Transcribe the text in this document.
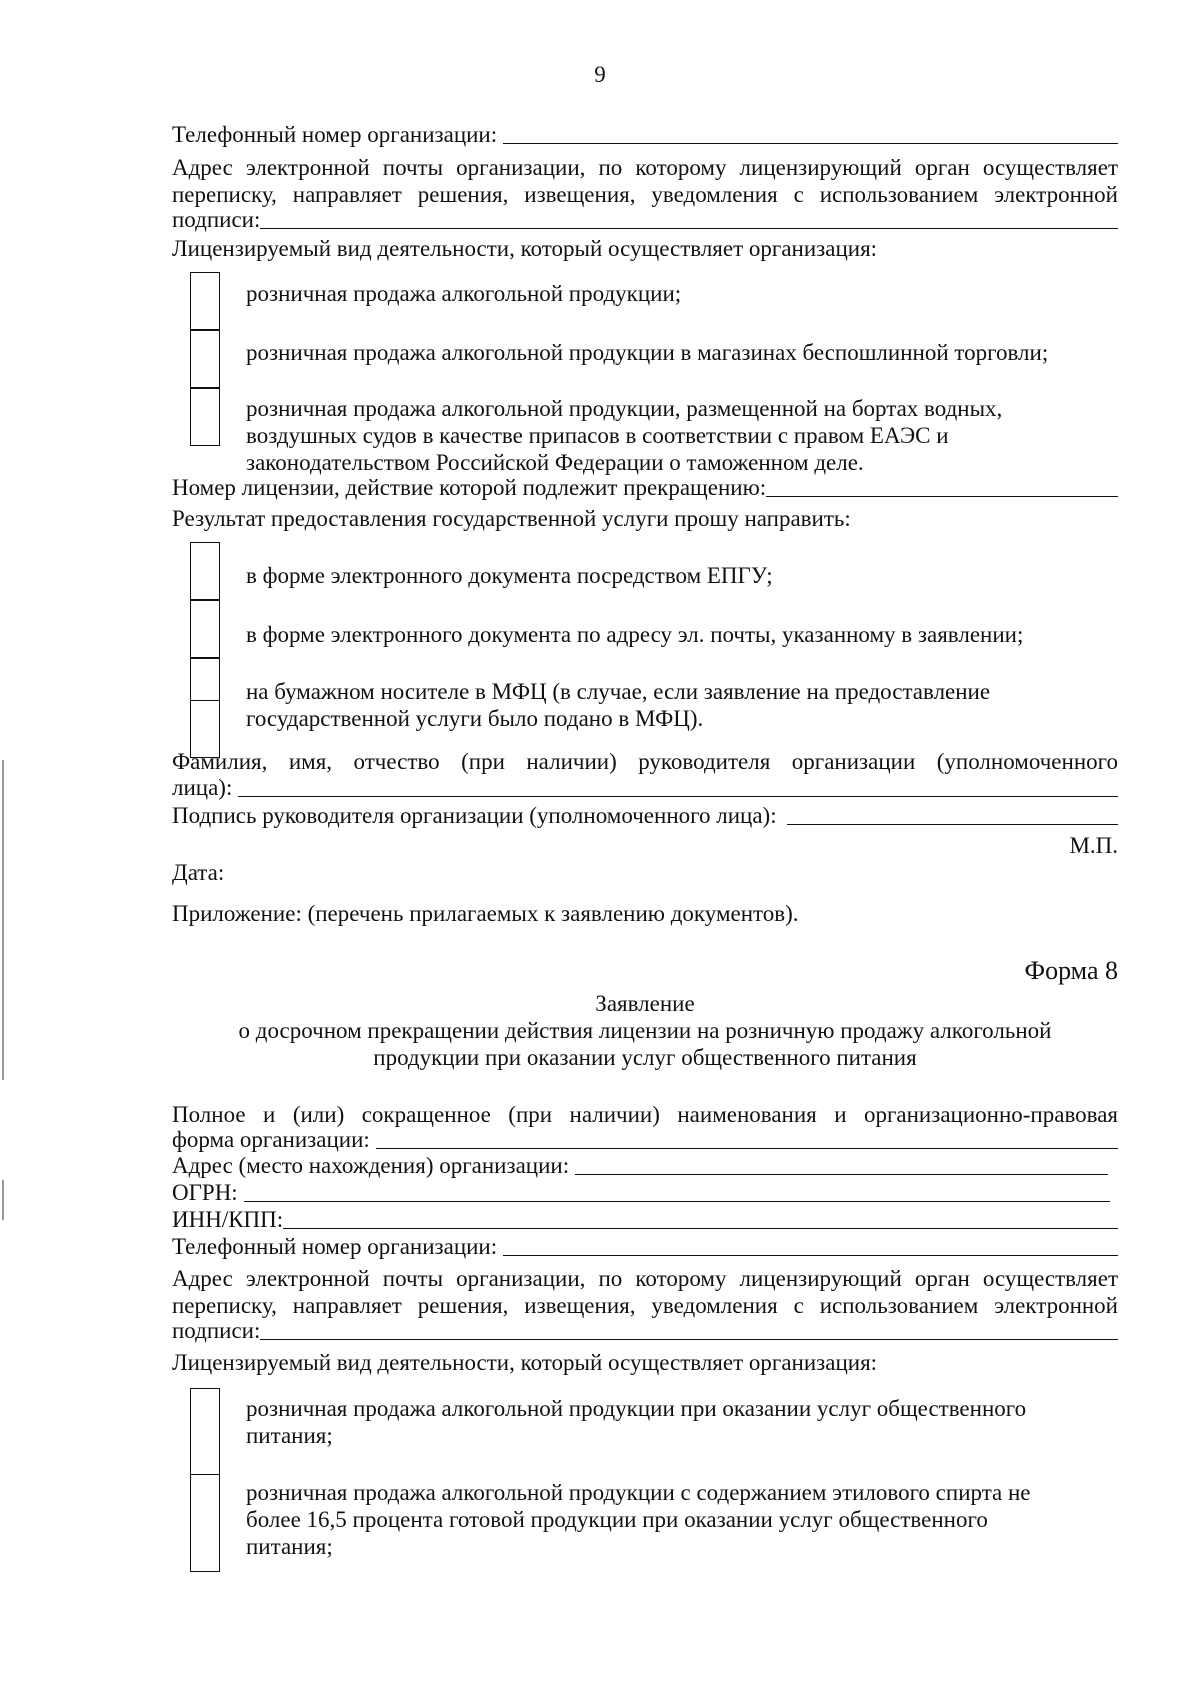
9
Телефонный номер организации:
Адрес электронной почты организации, по которому лицензирующий орган осуществляет
переписку, направляет решения, извещения, уведомления с использованием электронной
подписи:
Лицензируемый вид деятельности, который осуществляет организация:
розничная продажа алкогольной продукции;
розничная продажа алкогольной продукции в магазинах беспошлинной торговли;
розничная продажа алкогольной продукции, размещенной на бортах водных,
воздушных судов в качестве припасов в соответствии с правом ЕАЭС и
законодательством Российской Федерации о таможенном деле.
Номер лицензии, действие которой подлежит прекращению:
Результат предоставления государственной услуги прошу направить:
в форме электронного документа посредством ЕПГУ;
в форме электронного документа по адресу эл. почты, указанному в заявлении;
на бумажном носителе в МФЦ (в случае, если заявление на предоставление
государственной услуги было подано в МФЦ).
Фамилия, имя, отчество (при наличии) руководителя организации (уполномоченного
лица):
Подпись руководителя организации (уполномоченного лица):
М.П.
Дата:
Приложение: (перечень прилагаемых к заявлению документов).
Форма 8
Заявление
о досрочном прекращении действия лицензии на розничную продажу алкогольной
продукции при оказании услуг общественного питания
Полное и (или) сокращенное (при наличии) наименования и организационно-правовая
форма организации:
Адрес (место нахождения) организации:
ОГРН:
ИНН/КПП:
Телефонный номер организации:
Адрес электронной почты организации, по которому лицензирующий орган осуществляет
переписку, направляет решения, извещения, уведомления с использованием электронной
подписи:
Лицензируемый вид деятельности, который осуществляет организация:
розничная продажа алкогольной продукции при оказании услуг общественного
питания;
розничная продажа алкогольной продукции с содержанием этилового спирта не
более 16,5 процента готовой продукции при оказании услуг общественного
питания;
